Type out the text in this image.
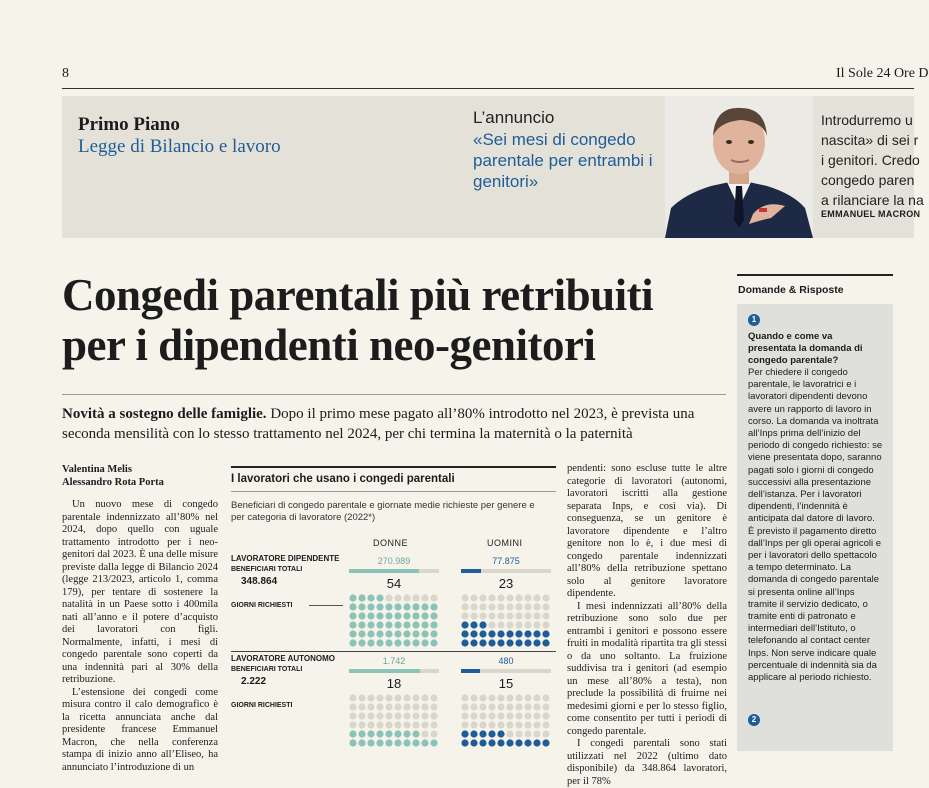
8	Il Sole 24 Ore D
Primo Piano
Legge di Bilancio e lavoro
L’annuncio
«Sei mesi di congedo parentale per entrambi i genitori»
Introdurremo u
nascita» di sei r
i genitori. Credo
congedo paren
a rilanciare la na
EMMANUEL MACRON
Congedi parentali più retribuiti per i dipendenti neo-genitori

Novità a sostegno delle famiglie. Dopo il primo mese pagato all’80% introdotto nel 2023, è prevista una seconda mensilità con lo stesso trattamento nel 2024, per chi termina la maternità o la paternità

Valentina Melis
Alessandro Rota Porta

Un nuovo mese di congedo parentale indennizzato all’80% nel 2024, dopo quello con uguale trattamento introdotto per i neo-genitori dal 2023. È una delle misure previste dalla legge di Bilancio 2024 (legge 213/2023, articolo 1, comma 179), per tentare di sostenere la natalità in un Paese sotto i 400mila nati all’anno e il potere d’acquisto dei lavoratori con figli. Normalmente, infatti, i mesi di congedo parentale sono coperti da una indennità pari al 30% della retribuzione.

L’estensione dei congedi come misura contro il calo demografico è la ricetta annunciata anche dal presidente francese Emmanuel Macron, che nella conferenza stampa di inizio anno all’Eliseo, ha annunciato l’introduzione di un

I lavoratori che usano i congedi parentali
Beneficiari di congedo parentale e giornate medie richieste per genere e per categoria di lavoratore (2022*)
DONNE	UOMINI
LAVORATORE DIPENDENTE
BENEFICIARI TOTALI
348.864
GIORNI RICHIESTI
270.989
54
77.875
23
LAVORATORE AUTONOMO
BENEFICIARI TOTALI
2.222
GIORNI RICHIESTI
1.742
18
480
15

pendenti: sono escluse tutte le altre categorie di lavoratori (autonomi, lavoratori iscritti alla gestione separata Inps, e così via). Di conseguenza, se un genitore è lavoratore dipendente e l’altro genitore non lo è, i due mesi di congedo parentale indennizzati all’80% della retribuzione spettano solo al genitore lavoratore dipendente.

I mesi indennizzati all’80% della retribuzione sono solo due per entrambi i genitori e possono essere fruiti in modalità ripartita tra gli stessi o da uno soltanto. La fruizione suddivisa tra i genitori (ad esempio un mese all’80% a testa), non preclude la possibilità di fruirne nei medesimi giorni e per lo stesso figlio, come consentito per tutti i periodi di congedo parentale.

I congedi parentali sono stati utilizzati nel 2022 (ultimo dato disponibile) da 348.864 lavoratori, per il 78%

Domande & Risposte
1
Quando e come va presentata la domanda di congedo parentale?
Per chiedere il congedo parentale, le lavoratrici e i lavoratori dipendenti devono avere un rapporto di lavoro in corso. La domanda va inoltrata all’Inps prima dell’inizio del periodo di congedo richiesto: se viene presentata dopo, saranno pagati solo i giorni di congedo successivi alla presentazione dell’istanza. Per i lavoratori dipendenti, l’indennità è anticipata dal datore di lavoro. È previsto il pagamento diretto dall’Inps per gli operai agricoli e per i lavoratori dello spettacolo a tempo determinato. La domanda di congedo parentale si presenta online all’Inps tramite il servizio dedicato, o tramite enti di patronato e intermediari dell’Istituto, o telefonando al contact center Inps. Non serve indicare quale percentuale di indennità sia da applicare al periodo richiesto.
2
